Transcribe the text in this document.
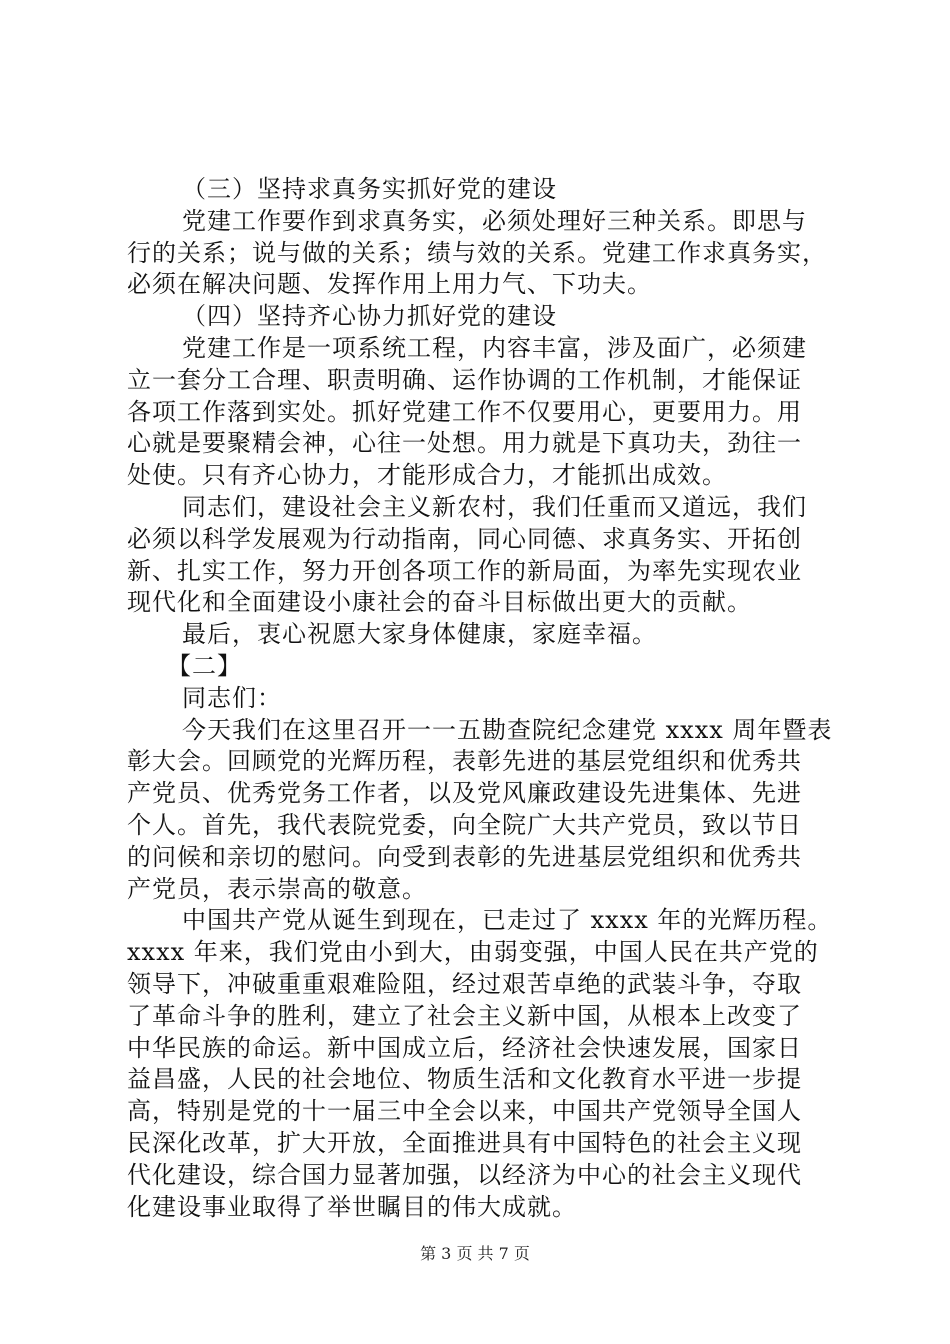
（三）坚持求真务实抓好党的建设
党建工作要作到求真务实，必须处理好三种关系。即思与
行的关系；说与做的关系；绩与效的关系。党建工作求真务实，
必须在解决问题、发挥作用上用力气、下功夫。
（四）坚持齐心协力抓好党的建设
党建工作是一项系统工程，内容丰富，涉及面广，必须建
立一套分工合理、职责明确、运作协调的工作机制，才能保证
各项工作落到实处。抓好党建工作不仅要用心，更要用力。用
心就是要聚精会神，心往一处想。用力就是下真功夫，劲往一
处使。只有齐心协力，才能形成合力，才能抓出成效。
同志们，建设社会主义新农村，我们任重而又道远，我们
必须以科学发展观为行动指南，同心同德、求真务实、开拓创
新、扎实工作，努力开创各项工作的新局面，为率先实现农业
现代化和全面建设小康社会的奋斗目标做出更大的贡献。
最后，衷心祝愿大家身体健康，家庭幸福。
【二】
同志们：
今天我们在这里召开一一五勘查院纪念建党 xxxx 周年暨表
彰大会。回顾党的光辉历程，表彰先进的基层党组织和优秀共
产党员、优秀党务工作者，以及党风廉政建设先进集体、先进
个人。首先，我代表院党委，向全院广大共产党员，致以节日
的问候和亲切的慰问。向受到表彰的先进基层党组织和优秀共
产党员，表示崇高的敬意。
中国共产党从诞生到现在，已走过了 xxxx 年的光辉历程。
xxxx 年来，我们党由小到大，由弱变强，中国人民在共产党的
领导下，冲破重重艰难险阻，经过艰苦卓绝的武装斗争，夺取
了革命斗争的胜利，建立了社会主义新中国，从根本上改变了
中华民族的命运。新中国成立后，经济社会快速发展，国家日
益昌盛，人民的社会地位、物质生活和文化教育水平进一步提
高，特别是党的十一届三中全会以来，中国共产党领导全国人
民深化改革，扩大开放，全面推进具有中国特色的社会主义现
代化建设，综合国力显著加强，以经济为中心的社会主义现代
化建设事业取得了举世瞩目的伟大成就。
第 3 页 共 7 页
